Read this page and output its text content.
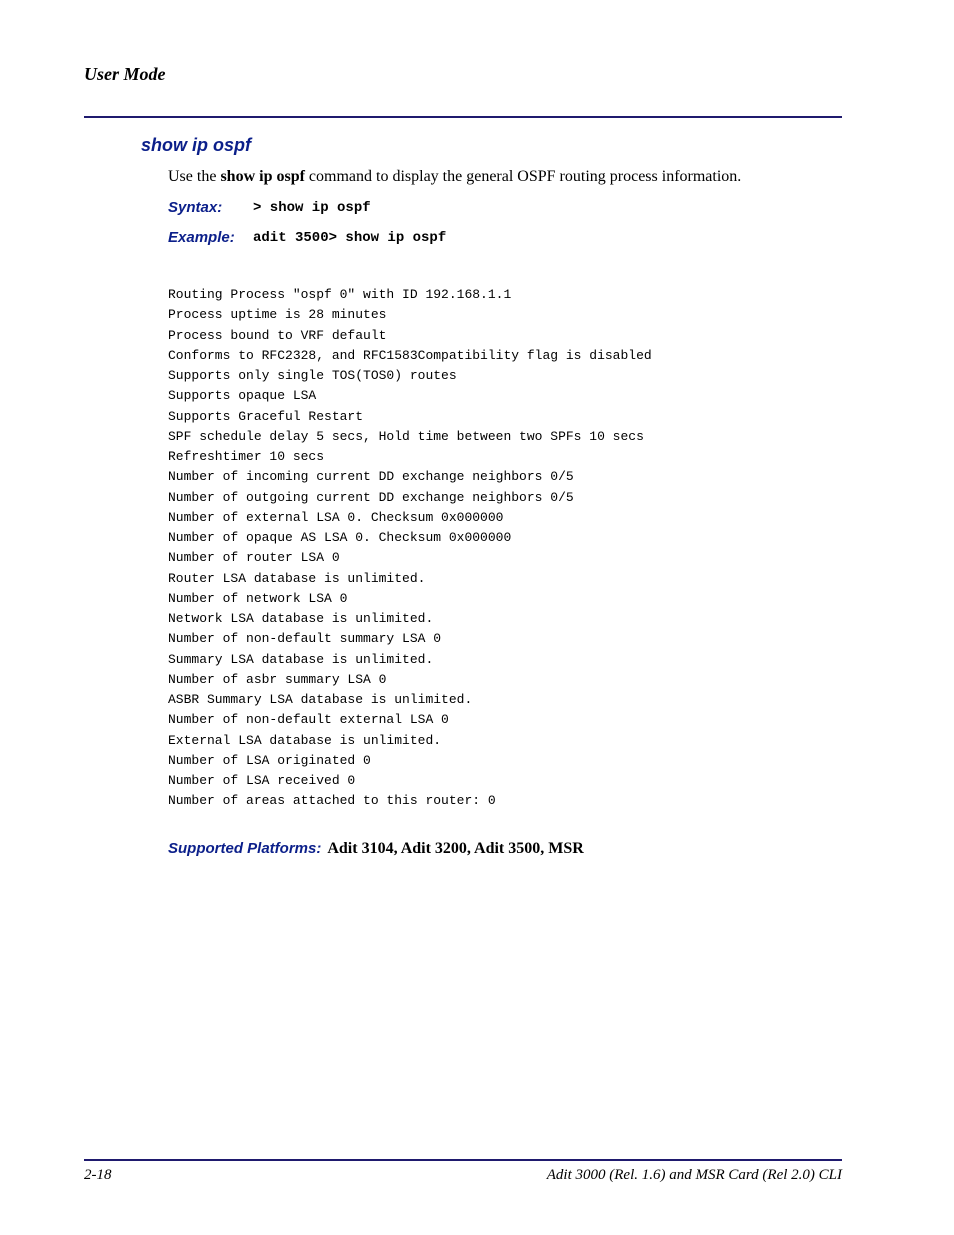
User Mode
show ip ospf

Use the show ip ospf command to display the general OSPF routing process information.

Syntax: > show ip ospf
Example: adit 3500> show ip ospf
Routing Process "ospf 0" with ID 192.168.1.1
Process uptime is 28 minutes
Process bound to VRF default
Conforms to RFC2328, and RFC1583Compatibility flag is disabled
Supports only single TOS(TOS0) routes
Supports opaque LSA
Supports Graceful Restart
SPF schedule delay 5 secs, Hold time between two SPFs 10 secs
Refreshtimer 10 secs
Number of incoming current DD exchange neighbors 0/5
Number of outgoing current DD exchange neighbors 0/5
Number of external LSA 0. Checksum 0x000000
Number of opaque AS LSA 0. Checksum 0x000000
Number of router LSA 0
Router LSA database is unlimited.
Number of network LSA 0
Network LSA database is unlimited.
Number of non-default summary LSA 0
Summary LSA database is unlimited.
Number of asbr summary LSA 0
ASBR Summary LSA database is unlimited.
Number of non-default external LSA 0
External LSA database is unlimited.
Number of LSA originated 0
Number of LSA received 0
Number of areas attached to this router: 0
Supported Platforms: Adit 3104, Adit 3200, Adit 3500, MSR
2-18	Adit 3000 (Rel. 1.6) and MSR Card (Rel 2.0) CLI
